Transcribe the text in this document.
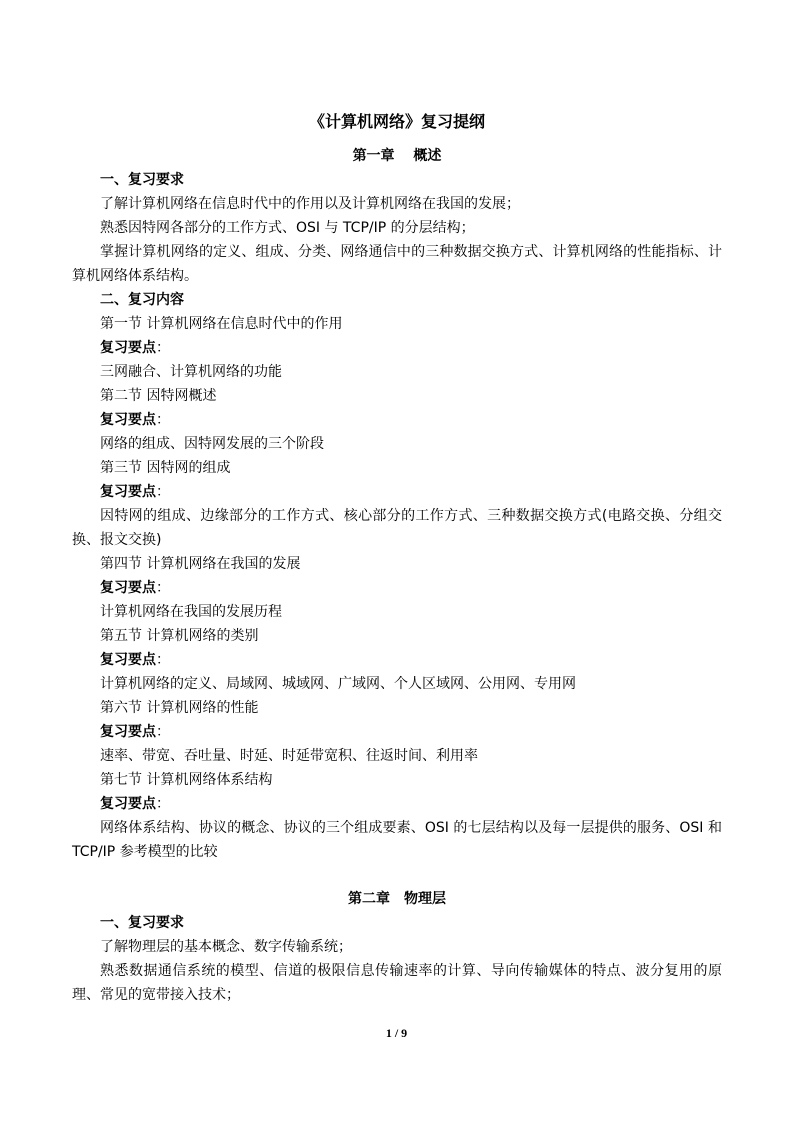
《计算机网络》复习提纲
第一章　 概述
一、复习要求
了解计算机网络在信息时代中的作用以及计算机网络在我国的发展；
熟悉因特网各部分的工作方式、OSI 与 TCP/IP 的分层结构；
掌握计算机网络的定义、组成、分类、网络通信中的三种数据交换方式、计算机网络的性能指标、计算机网络体系结构。
二、复习内容
第一节 计算机网络在信息时代中的作用
复习要点：
三网融合、计算机网络的功能
第二节 因特网概述
复习要点：
网络的组成、因特网发展的三个阶段
第三节 因特网的组成
复习要点：
因特网的组成、边缘部分的工作方式、核心部分的工作方式、三种数据交换方式(电路交换、分组交换、报文交换)
第四节 计算机网络在我国的发展
复习要点：
计算机网络在我国的发展历程
第五节 计算机网络的类别
复习要点：
计算机网络的定义、局域网、城域网、广域网、个人区域网、公用网、专用网
第六节 计算机网络的性能
复习要点：
速率、带宽、吞吐量、时延、时延带宽积、往返时间、利用率
第七节 计算机网络体系结构
复习要点：
网络体系结构、协议的概念、协议的三个组成要素、OSI 的七层结构以及每一层提供的服务、OSI 和 TCP/IP 参考模型的比较
第二章　物理层
一、复习要求
了解物理层的基本概念、数字传输系统；
熟悉数据通信系统的模型、信道的极限信息传输速率的计算、导向传输媒体的特点、波分复用的原理、常见的宽带接入技术；
1 / 9
